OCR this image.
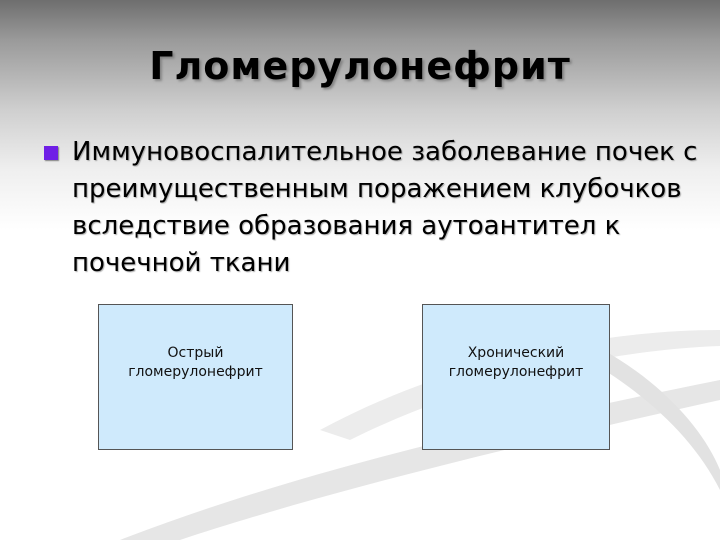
Гломерулонефрит
Иммуновоспалительное заболевание почек с преимущественным поражением клубочков вследствие образования аутоантител к почечной ткани
Острый
гломерулонефрит
Хронический
гломерулонефрит
